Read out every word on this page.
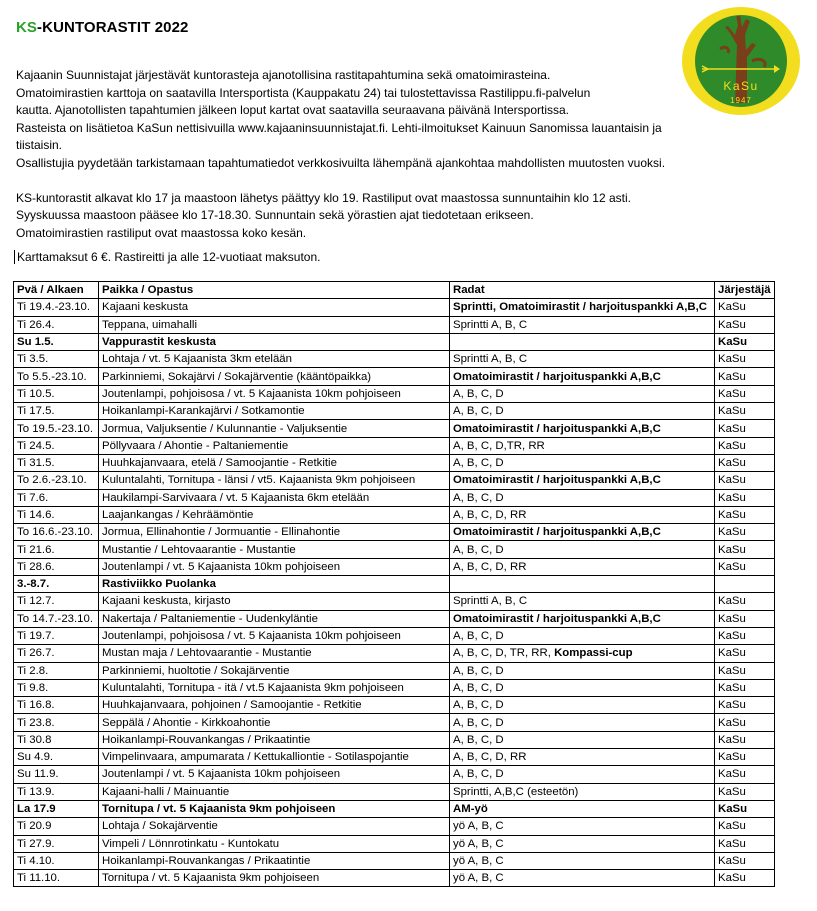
KS-KUNTORASTIT 2022
KaSu
1947

Kajaanin Suunnistajat järjestävät kuntorasteja ajanotollisina rastitapahtumina sekä omatoimirasteina.

Omatoimirastien karttoja on saatavilla Intersportista (Kauppakatu 24) tai tulostettavissa Rastilippu.fi-palvelun

kautta. Ajanotollisten tapahtumien jälkeen loput kartat ovat saatavilla seuraavana päivänä Intersportissa.

Rasteista on lisätietoa KaSun nettisivuilla www.kajaaninsuunnistajat.fi. Lehti-ilmoitukset Kainuun Sanomissa lauantaisin ja tiistaisin.

Osallistujia pyydetään tarkistamaan tapahtumatiedot verkkosivuilta lähempänä ajankohtaa mahdollisten muutosten vuoksi.

KS-kuntorastit alkavat klo 17 ja maastoon lähetys päättyy klo 19. Rastiliput ovat maastossa sunnuntaihin klo 12 asti.

Syyskuussa maastoon pääsee klo 17-18.30. Sunnuntain sekä yörastien ajat tiedotetaan erikseen.

Omatoimirastien rastiliput ovat maastossa koko kesän.

Karttamaksut 6 €. Rastireitti ja alle 12-vuotiaat maksuton.
Pvä / Alkaen	Paikka / Opastus	Radat	Järjestäjä
Ti 19.4.-23.10.	Kajaani keskusta	Sprintti, Omatoimirastit / harjoituspankki A,B,C	KaSu
Ti 26.4.	Teppana, uimahalli	Sprintti A, B, C	KaSu
Su 1.5.	Vappurastit keskusta		KaSu
Ti 3.5.	Lohtaja / vt. 5 Kajaanista 3km etelään	Sprintti A, B, C	KaSu
To 5.5.-23.10.	Parkinniemi, Sokajärvi / Sokajärventie (kääntöpaikka)	Omatoimirastit / harjoituspankki A,B,C	KaSu
Ti 10.5.	Joutenlampi, pohjoisosa / vt. 5 Kajaanista 10km pohjoiseen	A, B, C, D	KaSu
Ti 17.5.	Hoikanlampi-Karankajärvi / Sotkamontie	A, B, C, D	KaSu
To 19.5.-23.10.	Jormua, Valjuksentie / Kulunnantie - Valjuksentie	Omatoimirastit / harjoituspankki A,B,C	KaSu
Ti 24.5.	Pöllyvaara / Ahontie - Paltaniementie	A, B, C, D,TR, RR	KaSu
Ti 31.5.	Huuhkajanvaara, etelä / Samoojantie - Retkitie	A, B, C, D	KaSu
To 2.6.-23.10.	Kuluntalahti, Tornitupa - länsi / vt5. Kajaanista 9km pohjoiseen	Omatoimirastit / harjoituspankki A,B,C	KaSu
Ti 7.6.	Haukilampi-Sarvivaara / vt. 5 Kajaanista 6km etelään	A, B, C, D	KaSu
Ti 14.6.	Laajankangas / Kehräämöntie	A, B, C, D, RR	KaSu
To 16.6.-23.10.	Jormua, Ellinahontie / Jormuantie - Ellinahontie	Omatoimirastit / harjoituspankki A,B,C	KaSu
Ti 21.6.	Mustantie / Lehtovaarantie - Mustantie	A, B, C, D	KaSu
Ti 28.6.	Joutenlampi / vt. 5 Kajaanista 10km pohjoiseen	A, B, C, D, RR	KaSu
3.-8.7.	Rastiviikko Puolanka		
Ti 12.7.	Kajaani keskusta, kirjasto	Sprintti A, B, C	KaSu
To 14.7.-23.10.	Nakertaja / Paltaniementie - Uudenkyläntie	Omatoimirastit / harjoituspankki A,B,C	KaSu
Ti 19.7.	Joutenlampi, pohjoisosa / vt. 5 Kajaanista 10km pohjoiseen	A, B, C, D	KaSu
Ti 26.7.	Mustan maja / Lehtovaarantie - Mustantie	A, B, C, D, TR, RR, Kompassi-cup	KaSu
Ti 2.8.	Parkinniemi, huoltotie / Sokajärventie	A, B, C, D	KaSu
Ti 9.8.	Kuluntalahti, Tornitupa - itä / vt.5 Kajaanista 9km pohjoiseen	A, B, C, D	KaSu
Ti 16.8.	Huuhkajanvaara, pohjoinen / Samoojantie - Retkitie	A, B, C, D	KaSu
Ti 23.8.	Seppälä / Ahontie - Kirkkoahontie	A, B, C, D	KaSu
Ti 30.8	Hoikanlampi-Rouvankangas / Prikaatintie	A, B, C, D	KaSu
Su 4.9.	Vimpelinvaara, ampumarata / Kettukalliontie - Sotilaspojantie	A, B, C, D, RR	KaSu
Su 11.9.	Joutenlampi / vt. 5 Kajaanista 10km pohjoiseen	A, B, C, D	KaSu
Ti 13.9.	Kajaani-halli / Mainuantie	Sprintti, A,B,C (esteetön)	KaSu
La 17.9	Tornitupa / vt. 5 Kajaanista 9km pohjoiseen	AM-yö	KaSu
Ti 20.9	Lohtaja / Sokajärventie	yö A, B, C	KaSu
Ti 27.9.	Vimpeli / Lönnrotinkatu - Kuntokatu	yö A, B, C	KaSu
Ti 4.10.	Hoikanlampi-Rouvankangas / Prikaatintie	yö A, B, C	KaSu
Ti 11.10.	Tornitupa / vt. 5 Kajaanista 9km pohjoiseen	yö A, B, C	KaSu
